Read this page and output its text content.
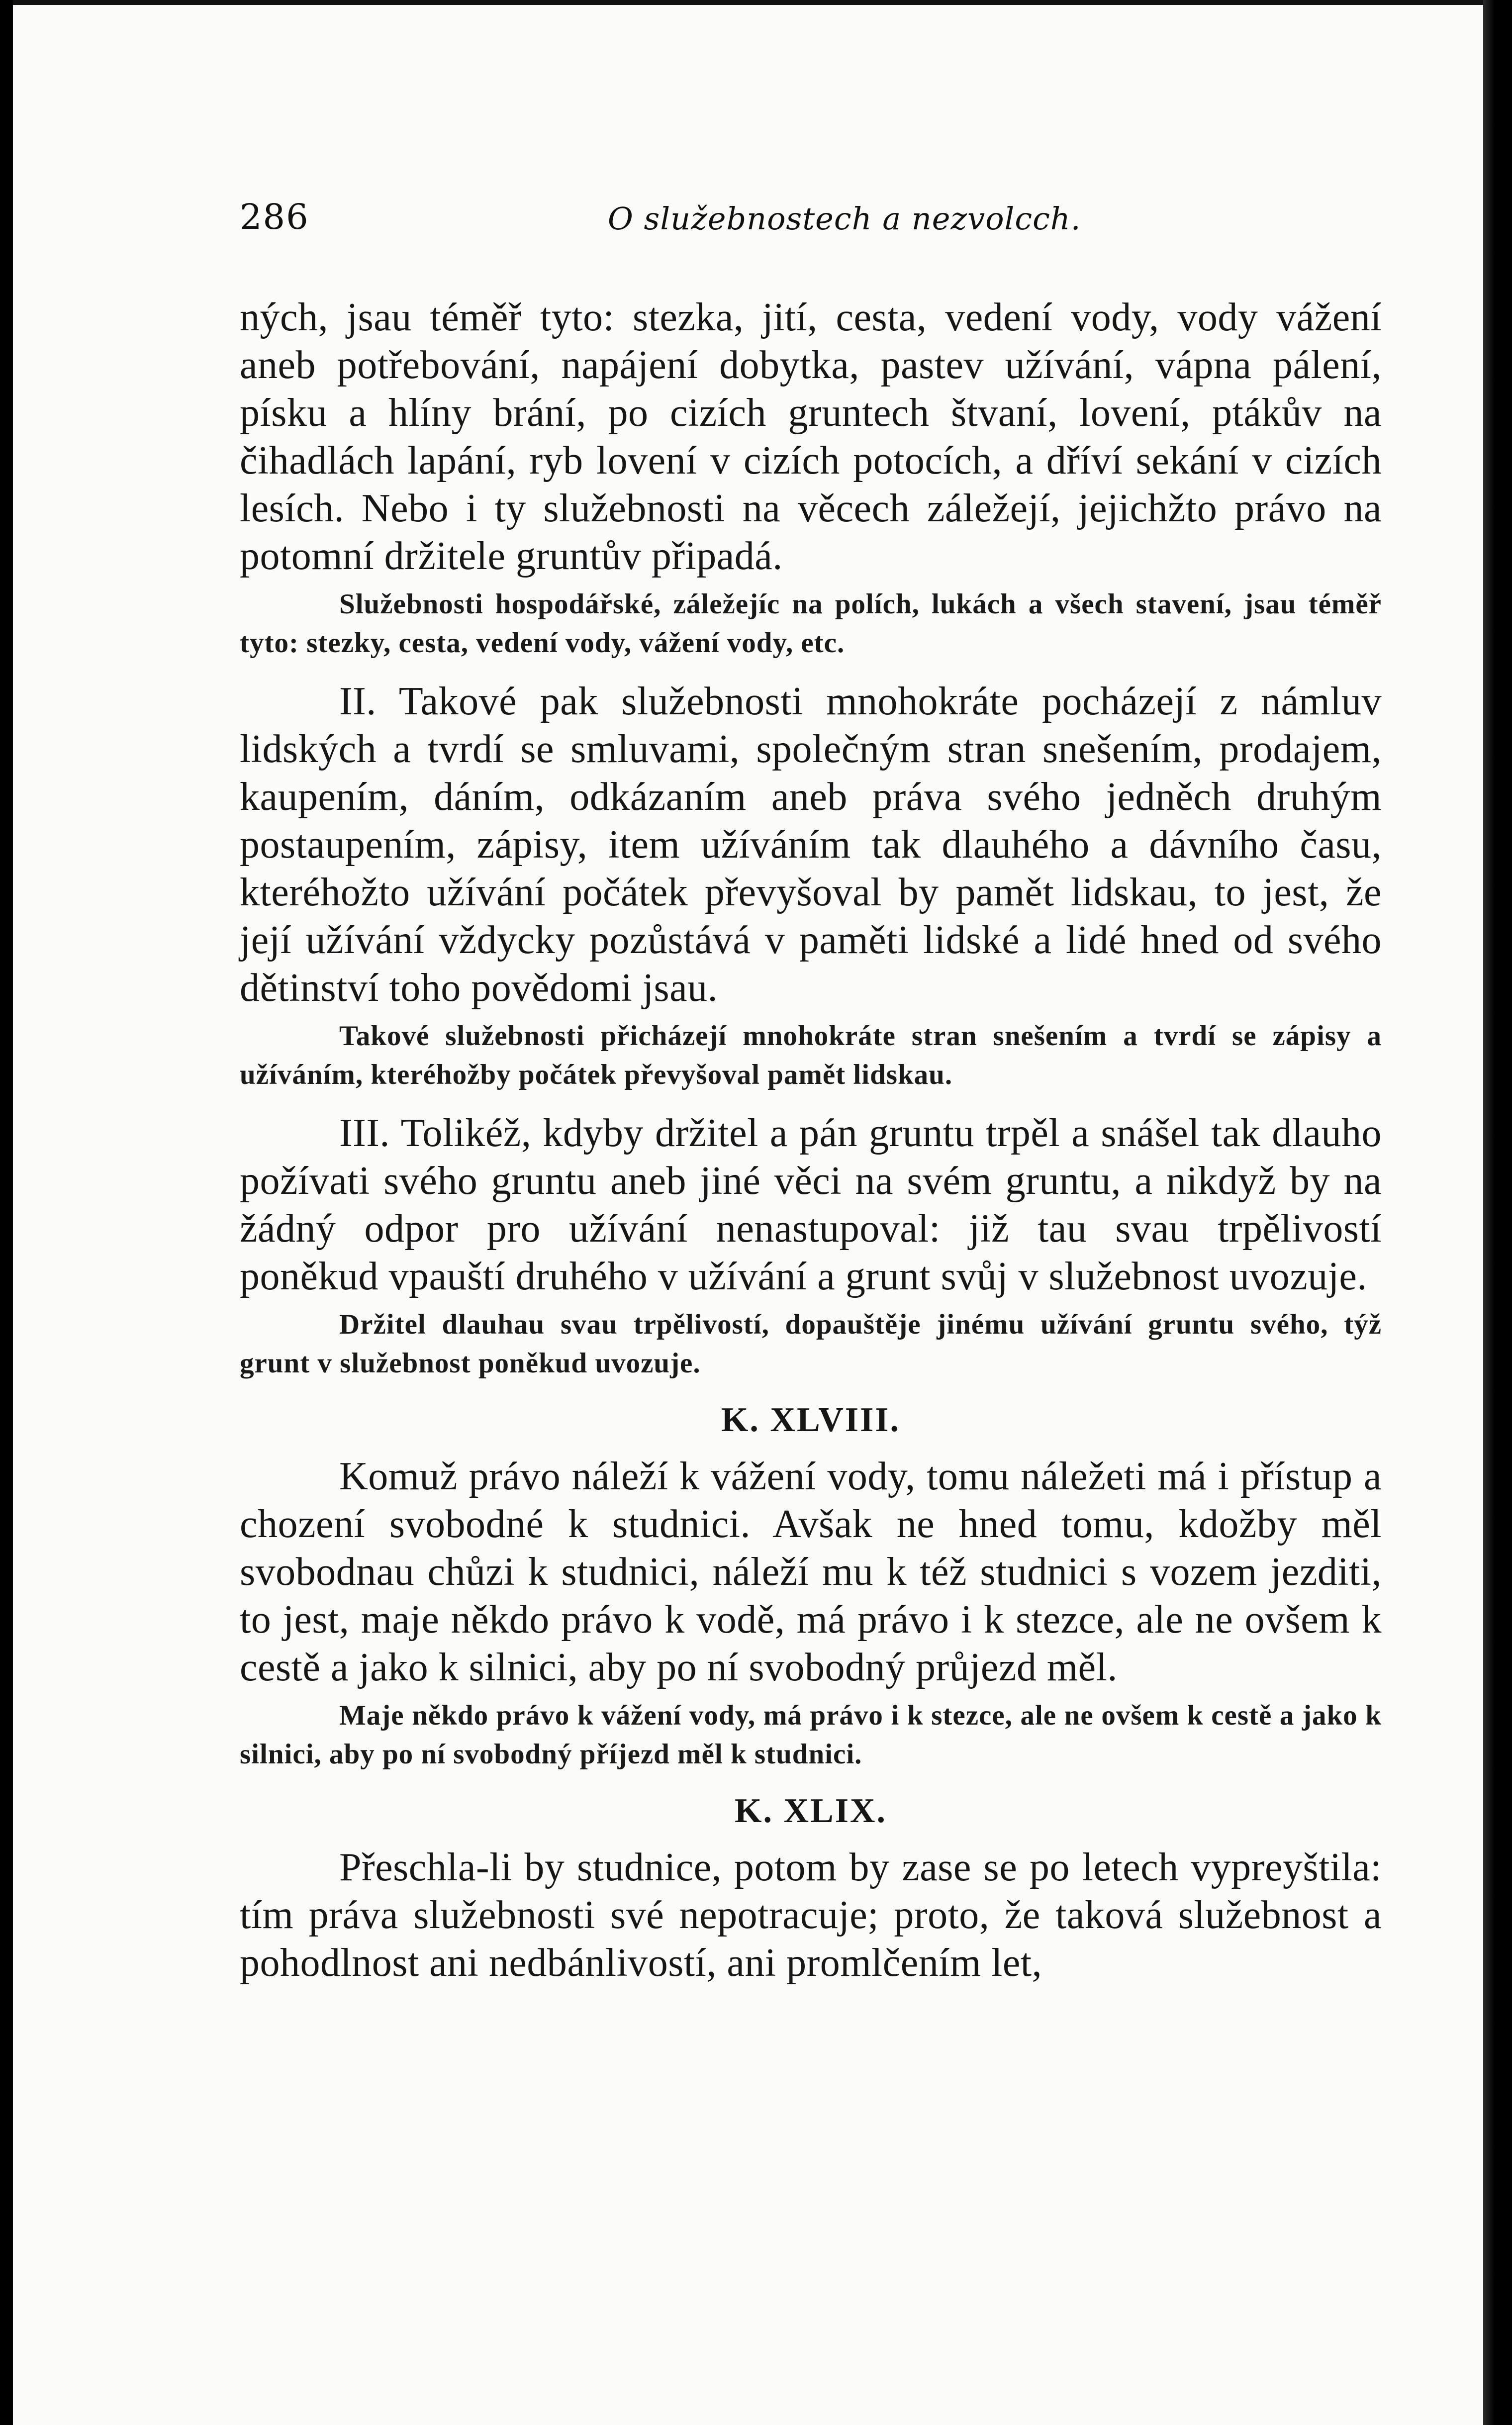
286	O služebnostech a nezvolcch.

ných, jsau téměř tyto: stezka, jití, cesta, vedení vody, vody vážení aneb potřebování, napájení dobytka, pastev užívání, vápna pálení, písku a hlíny brání, po cizích gruntech štvaní, lovení, ptákův na čihadlách lapání, ryb lovení v cizích potocích, a dříví sekání v cizích lesích. Nebo i ty služebnosti na věcech záležejí, jejichžto právo na potomní držitele gruntův připadá.

Služebnosti hospodářské, záležejíc na polích, lukách a všech stavení, jsau téměř tyto: stezky, cesta, vedení vody, vážení vody, etc.

II. Takové pak služebnosti mnohokráte pocházejí z námluv lidských a tvrdí se smluvami, společným stran snešením, prodajem, kaupením, dáním, odkázaním aneb práva svého jedněch druhým postaupením, zápisy, item užíváním tak dlauhého a dávního času, kteréhožto užívání počátek převyšoval by pamět lidskau, to jest, že její užívání vždycky pozůstává v paměti lidské a lidé hned od svého dětinství toho povědomi jsau.

Takové služebnosti přicházejí mnohokráte stran snešením a tvrdí se zápisy a užíváním, kteréhožby počátek převyšoval pamět lidskau.

III. Tolikéž, kdyby držitel a pán gruntu trpěl a snášel tak dlauho požívati svého gruntu aneb jiné věci na svém gruntu, a nikdyž by na žádný odpor pro užívání nenastupoval: již tau svau trpělivostí poněkud vpauští druhého v užívání a grunt svůj v služebnost uvozuje.

Držitel dlauhau svau trpělivostí, dopauštěje jinému užívání gruntu svého, týž grunt v služebnost poněkud uvozuje.

K. XLVIII.

Komuž právo náleží k vážení vody, tomu náležeti má i přístup a chození svobodné k studnici. Avšak ne hned tomu, kdožby měl svobodnau chůzi k studnici, náleží mu k též studnici s vozem jezditi, to jest, maje někdo právo k vodě, má právo i k stezce, ale ne ovšem k cestě a jako k silnici, aby po ní svobodný průjezd měl.

Maje někdo právo k vážení vody, má právo i k stezce, ale ne ovšem k cestě a jako k silnici, aby po ní svobodný příjezd měl k studnici.

K. XLIX.

Přeschla-li by studnice, potom by zase se po letech vypreyštila: tím práva služebnosti své nepotracuje; proto, že taková služebnost a pohodlnost ani nedbánlivostí, ani promlčením let,
